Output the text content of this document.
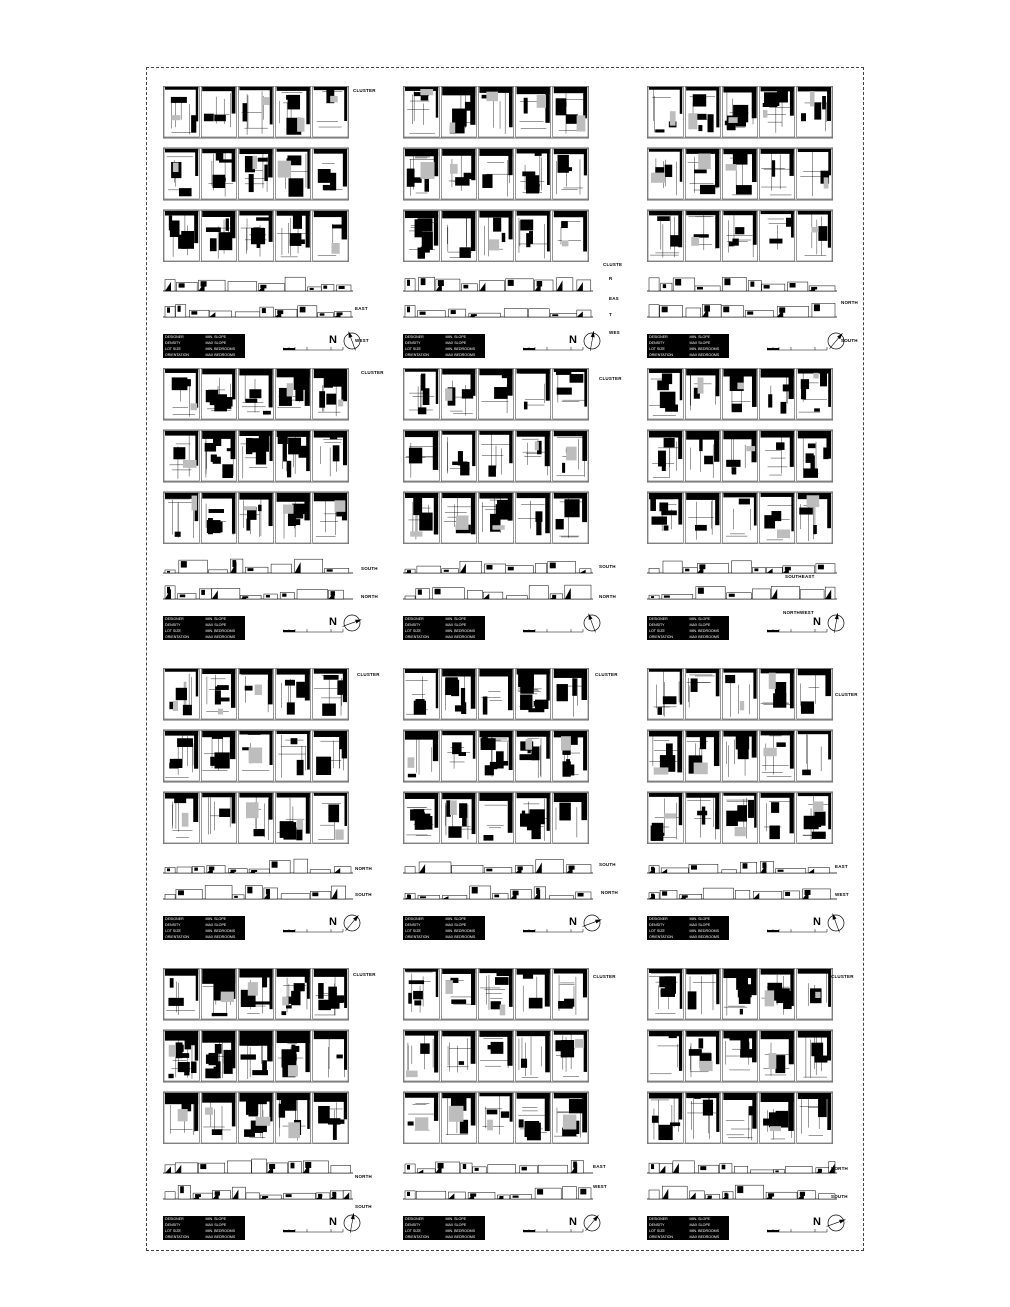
CLUSTER
EAST
WEST
DESIGNER	MIN. SLOPE
DENSITY	MAX SLOPE
LOT SIZE	MIN. BEDROOMS
ORIENTATION	MAX BEDROOMS
N
CLUSTE
R
EAS
T
WES
DESIGNER	MIN. SLOPE
DENSITY	MAX SLOPE
LOT SIZE	MIN. BEDROOMS
ORIENTATION	MAX BEDROOMS
N
NORTH
SOUTH
DESIGNER	MIN. SLOPE
DENSITY	MAX SLOPE
LOT SIZE	MIN. BEDROOMS
ORIENTATION	MAX BEDROOMS
CLUSTER
SOUTH
NORTH
DESIGNER	MIN. SLOPE
DENSITY	MAX SLOPE
LOT SIZE	MIN. BEDROOMS
ORIENTATION	MAX BEDROOMS
N
CLUSTER
SOUTH
NORTH
DESIGNER	MIN. SLOPE
DENSITY	MAX SLOPE
LOT SIZE	MIN. BEDROOMS
ORIENTATION	MAX BEDROOMS
SOUTHEAST
NORTHWEST
DESIGNER	MIN. SLOPE
DENSITY	MAX SLOPE
LOT SIZE	MIN. BEDROOMS
ORIENTATION	MAX BEDROOMS
N
CLUSTER
NORTH
SOUTH
DESIGNER	MIN. SLOPE
DENSITY	MAX SLOPE
LOT SIZE	MIN. BEDROOMS
ORIENTATION	MAX BEDROOMS
N
CLUSTER
SOUTH
NORTH
DESIGNER	MIN. SLOPE
DENSITY	MAX SLOPE
LOT SIZE	MIN. BEDROOMS
ORIENTATION	MAX BEDROOMS
N
CLUSTER
EAST
WEST
DESIGNER	MIN. SLOPE
DENSITY	MAX SLOPE
LOT SIZE	MIN. BEDROOMS
ORIENTATION	MAX BEDROOMS
N
CLUSTER
NORTH
SOUTH
DESIGNER	MIN. SLOPE
DENSITY	MAX SLOPE
LOT SIZE	MIN. BEDROOMS
ORIENTATION	MAX BEDROOMS
N
CLUSTER
EAST
WEST
DESIGNER	MIN. SLOPE
DENSITY	MAX SLOPE
LOT SIZE	MIN. BEDROOMS
ORIENTATION	MAX BEDROOMS
N
CLUSTER
NORTH
SOUTH
DESIGNER	MIN. SLOPE
DENSITY	MAX SLOPE
LOT SIZE	MIN. BEDROOMS
ORIENTATION	MAX BEDROOMS
N
